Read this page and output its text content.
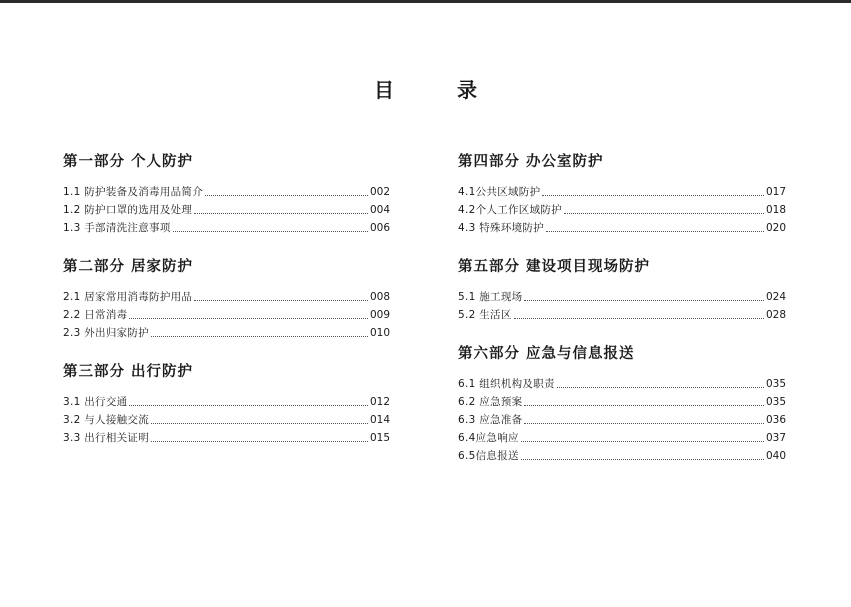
目 录
第一部分 个人防护
1.1 防护装备及消毒用品简介	002
1.2 防护口罩的选用及处理	004
1.3 手部清洗注意事项	006
第二部分 居家防护
2.1 居家常用消毒防护用品	008
2.2 日常消毒	009
2.3 外出归家防护	010
第三部分 出行防护
3.1 出行交通	012
3.2 与人接触交流	014
3.3 出行相关证明	015
第四部分 办公室防护
4.1公共区域防护	017
4.2个人工作区域防护	018
4.3 特殊环境防护	020
第五部分 建设项目现场防护
5.1 施工现场	024
5.2 生活区	028
第六部分 应急与信息报送
6.1 组织机构及职责	035
6.2 应急预案	035
6.3 应急准备	036
6.4应急响应	037
6.5信息报送	040
